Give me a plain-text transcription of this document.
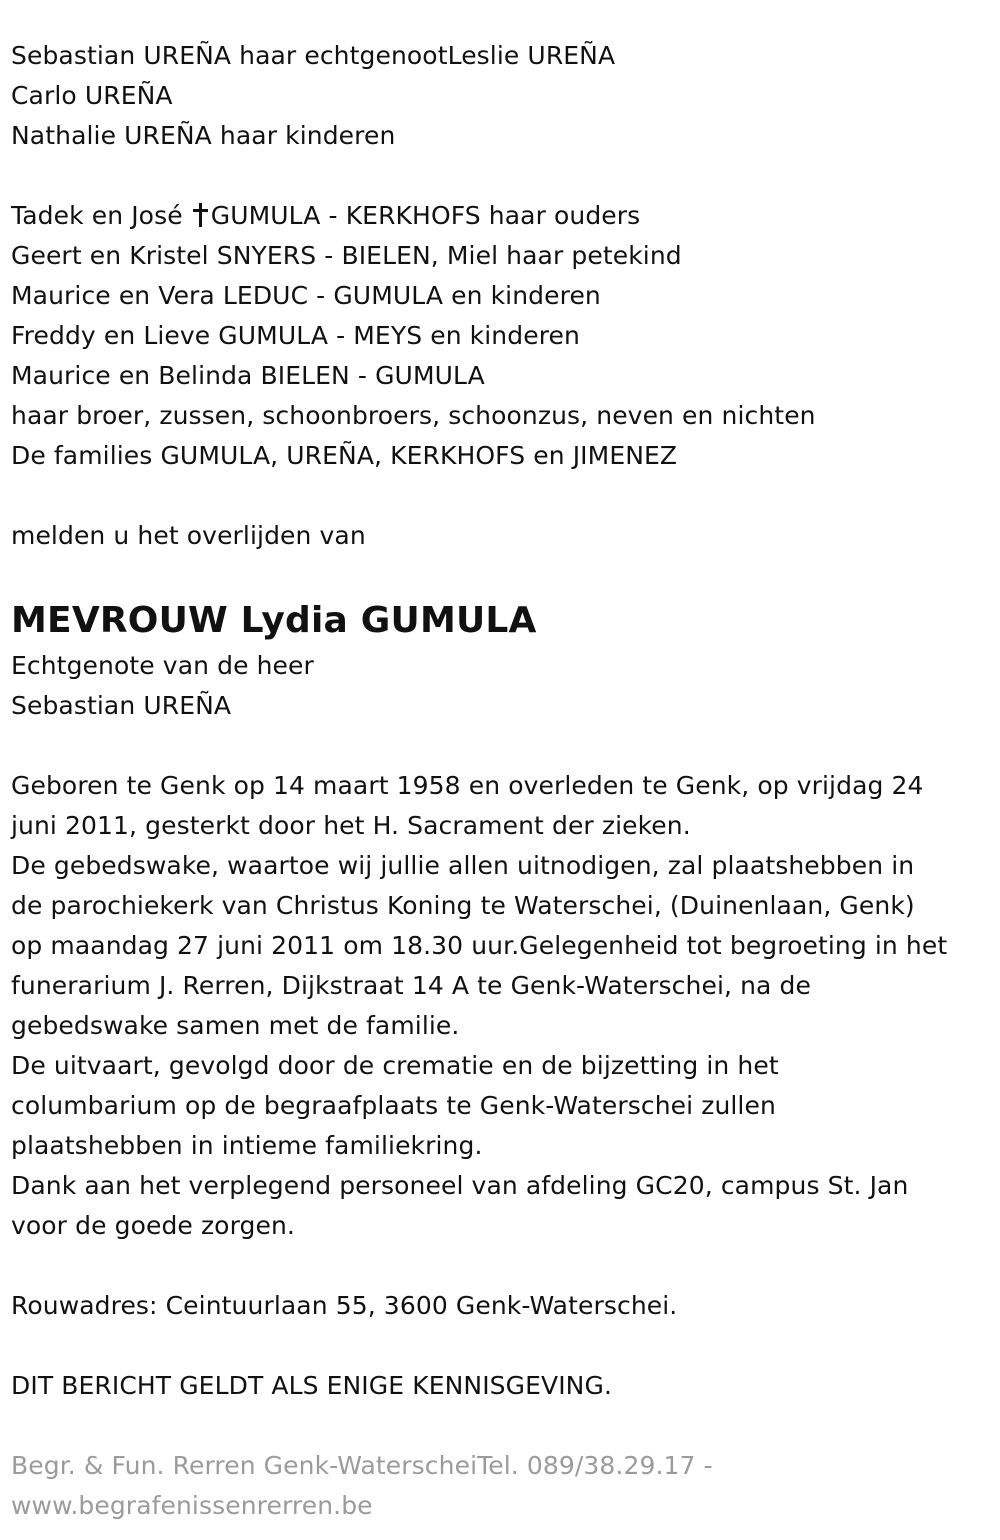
Sebastian UREÑA haar echtgenootLeslie UREÑA
Carlo UREÑA
Nathalie UREÑA haar kinderen
Tadek en José GUMULA - KERKHOFS haar ouders
Geert en Kristel SNYERS - BIELEN, Miel haar petekind
Maurice en Vera LEDUC - GUMULA en kinderen
Freddy en Lieve GUMULA - MEYS en kinderen
Maurice en Belinda BIELEN - GUMULA
haar broer, zussen, schoonbroers, schoonzus, neven en nichten
De families GUMULA, UREÑA, KERKHOFS en JIMENEZ
melden u het overlijden van
MEVROUW Lydia GUMULA
Echtgenote van de heer
Sebastian UREÑA
Geboren te Genk op 14 maart 1958 en overleden te Genk, op vrijdag 24
juni 2011, gesterkt door het H. Sacrament der zieken.
De gebedswake, waartoe wij jullie allen uitnodigen, zal plaatshebben in
de parochiekerk van Christus Koning te Waterschei, (Duinenlaan, Genk)
op maandag 27 juni 2011 om 18.30 uur.Gelegenheid tot begroeting in het
funerarium J. Rerren, Dijkstraat 14 A te Genk-Waterschei, na de
gebedswake samen met de familie.
De uitvaart, gevolgd door de crematie en de bijzetting in het
columbarium op de begraafplaats te Genk-Waterschei zullen
plaatshebben in intieme familiekring.
Dank aan het verplegend personeel van afdeling GC20, campus St. Jan
voor de goede zorgen.
Rouwadres: Ceintuurlaan 55, 3600 Genk-Waterschei.
DIT BERICHT GELDT ALS ENIGE KENNISGEVING.
Begr. & Fun. Rerren Genk-WaterscheiTel. 089/38.29.17 -
www.begrafenissenrerren.be
